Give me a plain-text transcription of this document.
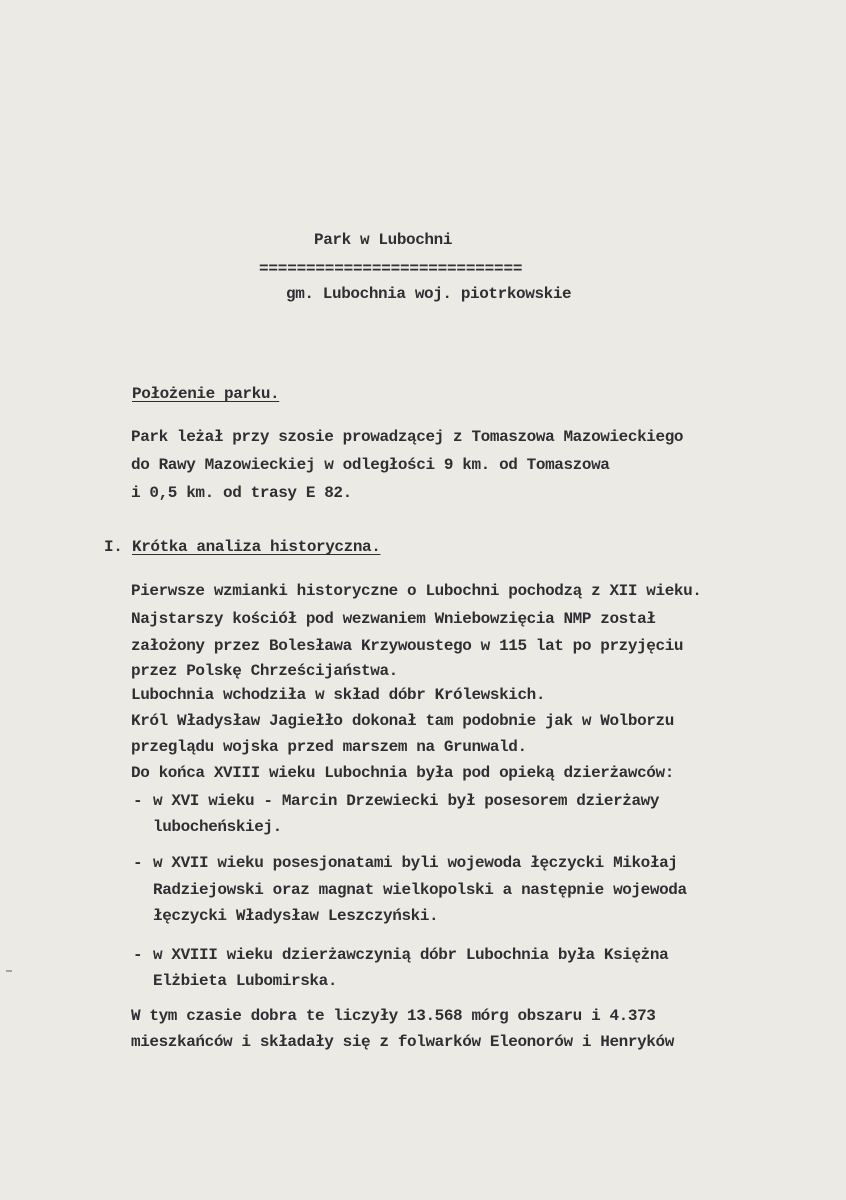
Park w Lubochni
============================
gm. Lubochnia woj. piotrkowskie
Położenie parku.
Park leżał przy szosie prowadzącej z Tomaszowa Mazowieckiego
do Rawy Mazowieckiej w odległości 9 km. od Tomaszowa
i 0,5 km. od trasy E 82.
I. Krótka analiza historyczna.
Pierwsze wzmianki historyczne o Lubochni pochodzą z XII wieku.
Najstarszy kościół pod wezwaniem Wniebowzięcia NMP został
założony przez Bolesława Krzywoustego w 115 lat po przyjęciu
przez Polskę Chrześcijaństwa.
Lubochnia wchodziła w skład dóbr Królewskich.
Król Władysław Jagiełło dokonał tam podobnie jak w Wolborzu
przeglądu wojska przed marszem na Grunwald.
Do końca XVIII wieku Lubochnia była pod opieką dzierżawców:
- w XVI wieku - Marcin Drzewiecki był posesorem dzierżawy
lubocheńskiej.
- w XVII wieku posesjonatami byli wojewoda łęczycki Mikołaj
Radziejowski oraz magnat wielkopolski a następnie wojewoda
łęczycki Władysław Leszczyński.
- w XVIII wieku dzierżawczynią dóbr Lubochnia była Księżna
Elżbieta Lubomirska.
W tym czasie dobra te liczyły 13.568 mórg obszaru i 4.373
mieszkańców i składały się z folwarków Eleonorów i Henryków
